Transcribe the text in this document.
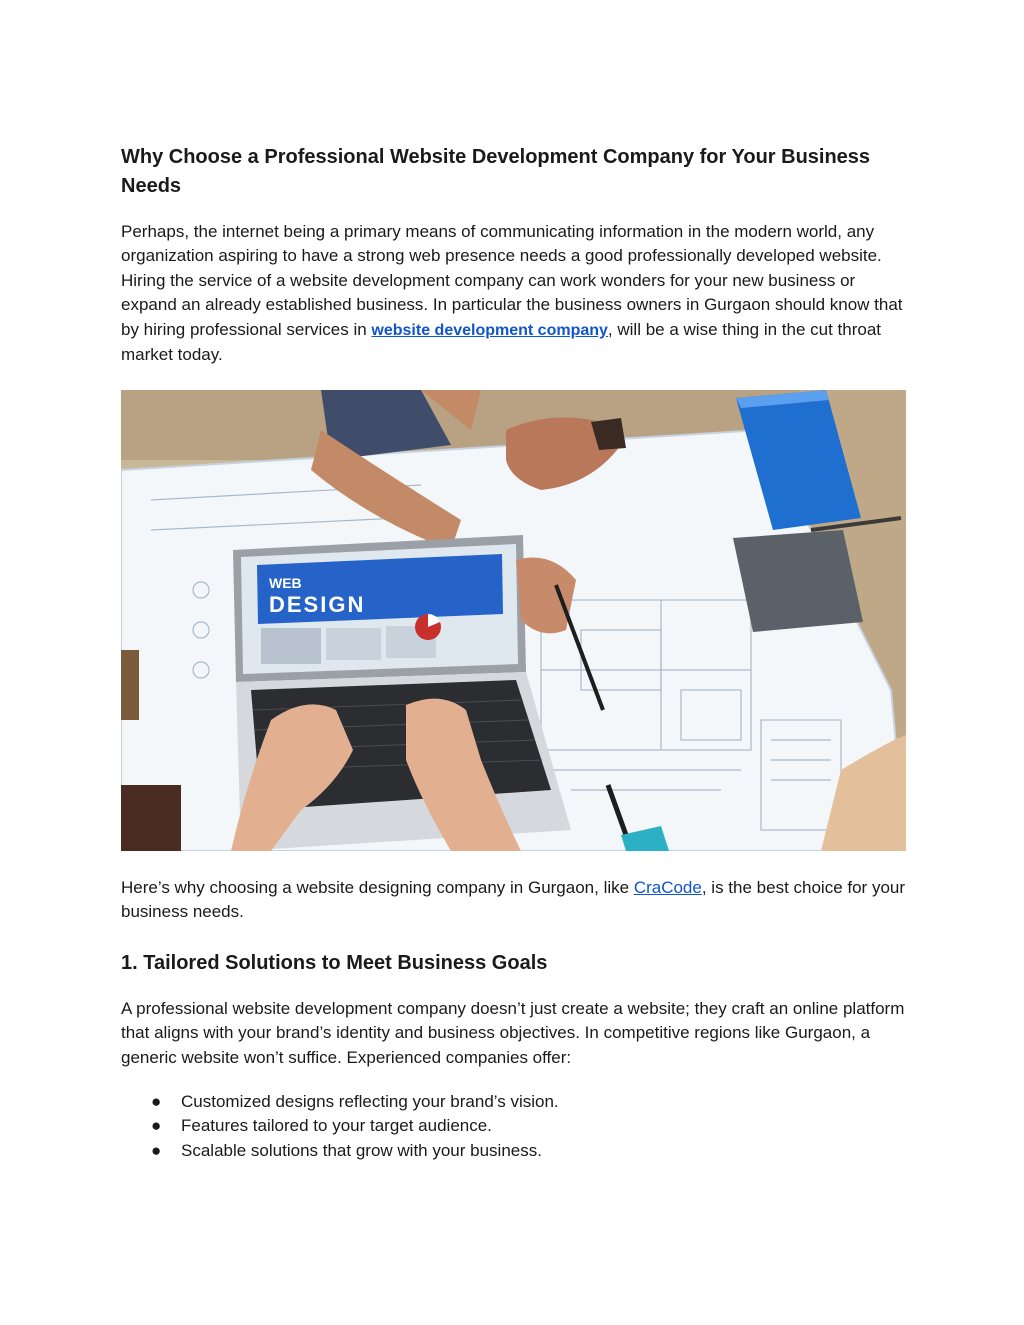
Why Choose a Professional Website Development Company for Your Business Needs

Perhaps, the internet being a primary means of communicating information in the modern world, any organization aspiring to have a strong web presence needs a good professionally developed website. Hiring the service of a website development company can work wonders for your new business or expand an already established business. In particular the business owners in Gurgaon should know that by hiring professional services in website development company, will be a wise thing in the cut throat market today.

Here’s why choosing a website designing company in Gurgaon, like CraCode, is the best choice for your business needs.

1. Tailored Solutions to Meet Business Goals

A professional website development company doesn’t just create a website; they craft an online platform that aligns with your brand’s identity and business objectives. In competitive regions like Gurgaon, a generic website won’t suffice. Experienced companies offer:

● Customized designs reflecting your brand’s vision.
● Features tailored to your target audience.
● Scalable solutions that grow with your business.
WEB
DESIGN
